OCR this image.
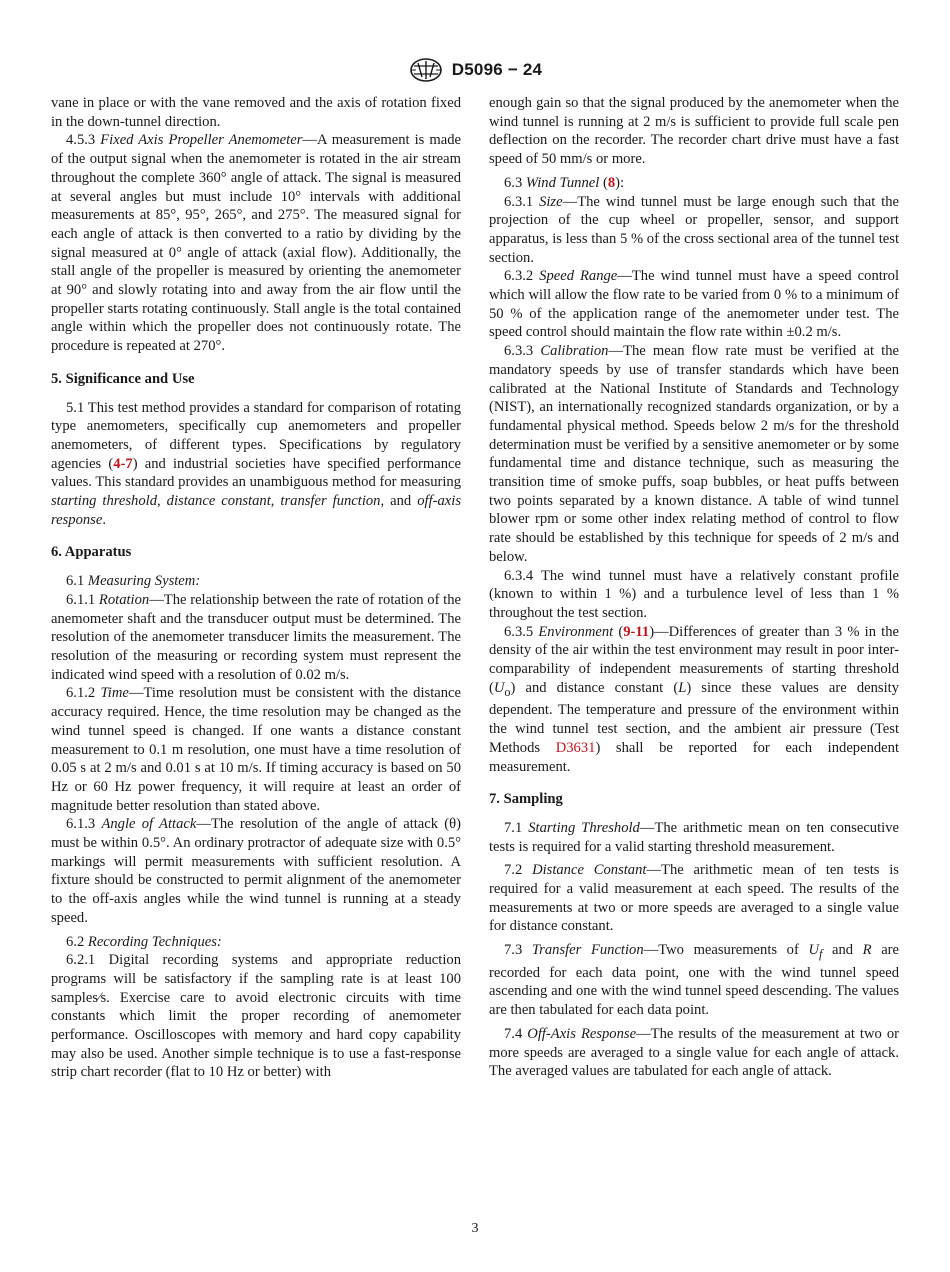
D5096 − 24

vane in place or with the vane removed and the axis of rotation fixed in the down-tunnel direction.

4.5.3 Fixed Axis Propeller Anemometer—A measurement is made of the output signal when the anemometer is rotated in the air stream throughout the complete 360° angle of attack. The signal is measured at several angles but must include 10° intervals with additional measurements at 85°, 95°, 265°, and 275°. The measured signal for each angle of attack is then converted to a ratio by dividing by the signal measured at 0° angle of attack (axial flow). Additionally, the stall angle of the propeller is measured by orienting the anemometer at 90° and slowly rotating into and away from the air flow until the propeller starts rotating continuously. Stall angle is the total contained angle within which the propeller does not continuously rotate. The procedure is repeated at 270°.

5. Significance and Use

5.1 This test method provides a standard for comparison of rotating type anemometers, specifically cup anemometers and propeller anemometers, of different types. Specifications by regulatory agencies (4-7) and industrial societies have specified performance values. This standard provides an unambiguous method for measuring starting threshold, distance constant, transfer function, and off-axis response.

6. Apparatus

6.1 Measuring System:

6.1.1 Rotation—The relationship between the rate of rotation of the anemometer shaft and the transducer output must be determined. The resolution of the anemometer transducer limits the measurement. The resolution of the measuring or recording system must represent the indicated wind speed with a resolution of 0.02 m/s.

6.1.2 Time—Time resolution must be consistent with the distance accuracy required. Hence, the time resolution may be changed as the wind tunnel speed is changed. If one wants a distance constant measurement to 0.1 m resolution, one must have a time resolution of 0.05 s at 2 m/s and 0.01 s at 10 m/s. If timing accuracy is based on 50 Hz or 60 Hz power frequency, it will require at least an order of magnitude better resolution than stated above.

6.1.3 Angle of Attack—The resolution of the angle of attack (θ) must be within 0.5°. An ordinary protractor of adequate size with 0.5° markings will permit measurements with sufficient resolution. A fixture should be constructed to permit alignment of the anemometer to the off-axis angles while the wind tunnel is running at a steady speed.

6.2 Recording Techniques:

6.2.1 Digital recording systems and appropriate reduction programs will be satisfactory if the sampling rate is at least 100 samples⁄s. Exercise care to avoid electronic circuits with time constants which limit the proper recording of anemometer performance. Oscilloscopes with memory and hard copy capability may also be used. Another simple technique is to use a fast-response strip chart recorder (flat to 10 Hz or better) with

enough gain so that the signal produced by the anemometer when the wind tunnel is running at 2 m/s is sufficient to provide full scale pen deflection on the recorder. The recorder chart drive must have a fast speed of 50 mm/s or more.

6.3 Wind Tunnel (8):

6.3.1 Size—The wind tunnel must be large enough such that the projection of the cup wheel or propeller, sensor, and support apparatus, is less than 5 % of the cross sectional area of the tunnel test section.

6.3.2 Speed Range—The wind tunnel must have a speed control which will allow the flow rate to be varied from 0 % to a minimum of 50 % of the application range of the anemometer under test. The speed control should maintain the flow rate within ±0.2 m/s.

6.3.3 Calibration—The mean flow rate must be verified at the mandatory speeds by use of transfer standards which have been calibrated at the National Institute of Standards and Technology (NIST), an internationally recognized standards organization, or by a fundamental physical method. Speeds below 2 m/s for the threshold determination must be verified by a sensitive anemometer or by some fundamental time and distance technique, such as measuring the transition time of smoke puffs, soap bubbles, or heat puffs between two points separated by a known distance. A table of wind tunnel blower rpm or some other index relating method of control to flow rate should be established by this technique for speeds of 2 m/s and below.

6.3.4 The wind tunnel must have a relatively constant profile (known to within 1 %) and a turbulence level of less than 1 % throughout the test section.

6.3.5 Environment (9-11)—Differences of greater than 3 % in the density of the air within the test environment may result in poor inter-comparability of independent measurements of starting threshold $(U_o)$ and distance constant (L) since these values are density dependent. The temperature and pressure of the environment within the wind tunnel test section, and the ambient air pressure (Test Methods D3631) shall be reported for each independent measurement.

7. Sampling

7.1 Starting Threshold—The arithmetic mean on ten consecutive tests is required for a valid starting threshold measurement.

7.2 Distance Constant—The arithmetic mean of ten tests is required for a valid measurement at each speed. The results of the measurements at two or more speeds are averaged to a single value for distance constant.

7.3 Transfer Function—Two measurements of $U_f$ and R are recorded for each data point, one with the wind tunnel speed ascending and one with the wind tunnel speed descending. The values are then tabulated for each data point.

7.4 Off-Axis Response—The results of the measurement at two or more speeds are averaged to a single value for each angle of attack. The averaged values are tabulated for each angle of attack.

3
